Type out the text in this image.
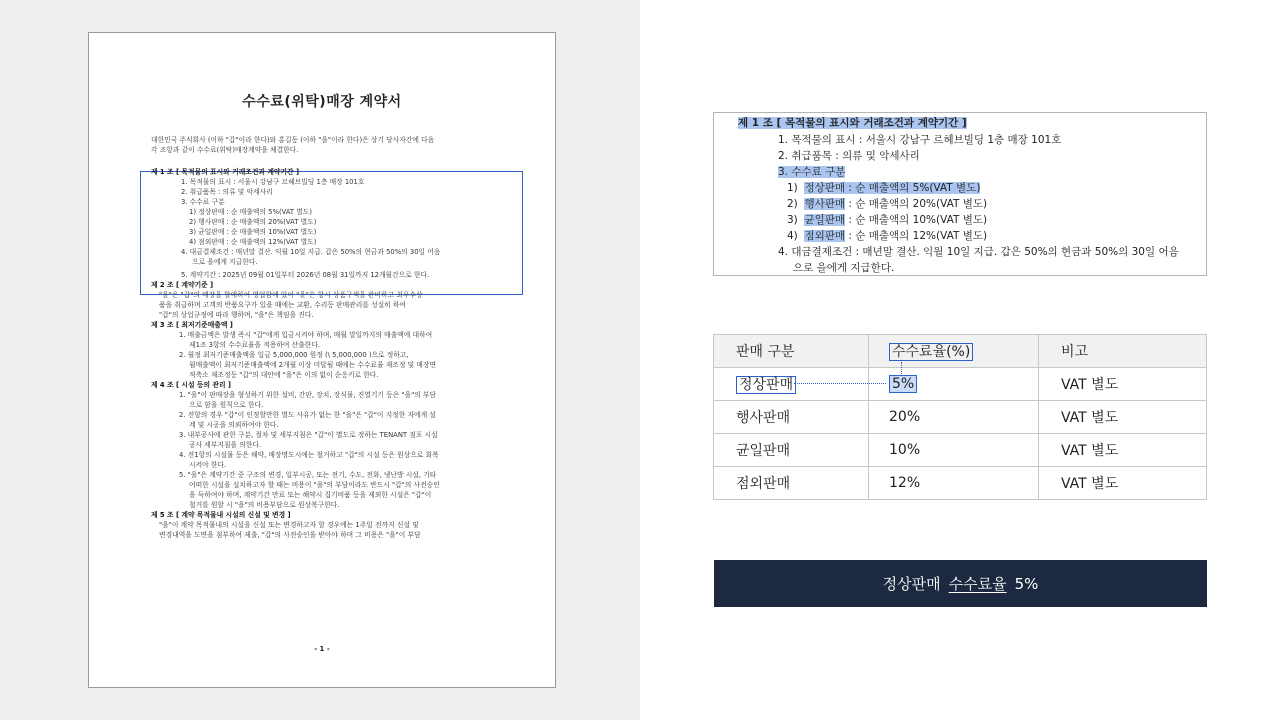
수수료(위탁)매장 계약서

대한민국 주식회사 (이하 "갑"이라 한다)와 홍길동 (이하 "을"이라 한다)은 상기 당사자간에 다음
각 조항과 같이 수수료(위탁)매장계약을 체결한다.

제 1 조 [ 목적물의 표시와 거래조건과 계약기간 ]

1. 목적물의 표시 : 서울시 강남구 르헤브빌딩 1층 매장 101호

2. 취급품목 : 의류 및 악세사리

3. 수수료 구분

1) 정상판매 : 순 매출액의 5%(VAT 별도)

2) 행사판매 : 순 매출액의 20%(VAT 별도)

3) 균일판매 : 순 매출액의 10%(VAT 별도)

4) 점외판매 : 순 매출액의 12%(VAT 별도)

4. 대금결제조건 : 매년말 결산. 익월 10일 지급. 갑은 50%의 현금과 50%의 30일 어음

으로 을에게 지급한다.

5. 계약기간 : 2025년 09월 01일부터 2026년 08월 31일까지 12개월간으로 한다.

제 2 조 [ 계약기준 ]

"을"은 "갑"의 매장을 할애하여 영업함에 있어 "을"은 항시 상품구색을 완비하고 최우수상

품을 취급하며 고객의 반품요구가 있을 때에는 교환, 수리등 판매관리를 성실히 하여

"갑"의 상업규정에 따라 행하며, "을"은 책임을 진다.

제 3 조 [ 최저기준매출액 ]

1. 매출금액은 발생 즉시 "갑"에게 입금시켜야 하며, 매월 말일까지의 매출액에 대하여

제1조 3항의 수수료율을 적용하여 산출한다.

2. 월정 최저기준매출액을 일금 5,000,000 원정 (\ 5,000,000 )으로 정하고,

월매출액이 최저기준매출액에 2개월 이상 미달될 때에는 수수료율 재조정 및 매장면

적축소 재조정등 "갑"의 대안에 "을"은 이의 없이 순응키로 한다.

제 4 조 [ 시설 등의 관리 ]

1. "을"이 판매장을 형성하기 위한 설비, 간판, 장치, 장식물, 진열기기 등은 "을"의 부담

으로 함을 원칙으로 한다.

2. 전항의 경우 "갑"이 인정할만한 별도 사유가 없는 한 "을"은 "갑"이 지정한 자에게 설

계 및 시공을 의뢰하여야 한다.

3. 내부공사에 관한 구분, 절차 및 세부지침은 "갑"이 별도로 정하는 TENANT 점포 시설

공사 세부지침을 의한다.

4. 전1항의 시설물 등은 해약, 매장명도시에는 철거하고 "갑"의 시설 등은 원상으로 회복

시켜야 한다.

5. "을"은 계약기간 중 구조의 변경, 일부시공, 또는 전기, 수도, 전화, 냉난방 시설, 기타

어떠한 시설을 설치하고자 할 때는 비용이 "을"의 부담이라도 반드시 "갑"의 사전승인

을 득하여야 하며, 계약기간 만료 또는 해약시 집기비품 등을 제외한 시설은 "갑"이

철거를 원할 시 "을"의 비용부담으로 원상복구한다.

제 5 조 [ 계약 목적물내 시설의 신설 및 변경 ]

"을"이 계약 목적물내의 시설을 신설 또는 변경하고자 할 경우에는 1주일 전까지 신설 및

변경내역을 도면을 첨부하여 제출, "갑"의 사전승인을 받아야 하며 그 비용은 "을"이 부담

- 1 -
제 1 조 [ 목적물의 표시와 거래조건과 계약기간 ]
1. 목적물의 표시 : 서울시 강남구 르헤브빌딩 1층 매장 101호
2. 취급품목 : 의류 및 악세사리
3. 수수료 구분
1) 정상판매 : 순 매출액의 5%(VAT 별도)
2) 행사판매 : 순 매출액의 20%(VAT 별도)
3) 균일판매 : 순 매출액의 10%(VAT 별도)
4) 점외판매 : 순 매출액의 12%(VAT 별도)
4. 대금결제조건 : 매년말 결산. 익월 10일 지급. 갑은 50%의 현금과 50%의 30일 어음
으로 을에게 지급한다.
판매 구분	수수료율(%)	비고
정상판매	5%	VAT 별도
행사판매	20%	VAT 별도
균일판매	10%	VAT 별도
점외판매	12%	VAT 별도
정상판매 수수료율 5%
